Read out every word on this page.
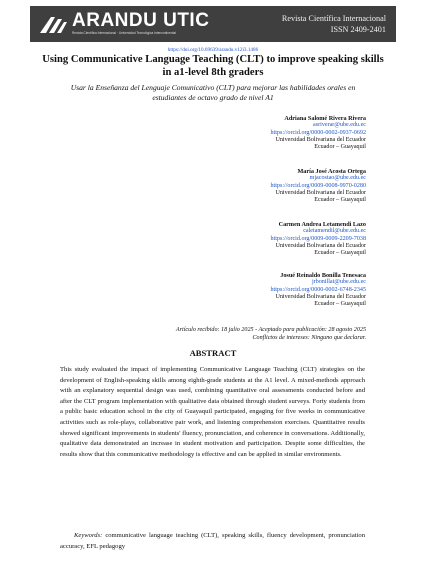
ARANDU UTIC
Revista Científica Internacional · Universidad Tecnológica Intercontinental
Revista Científica Internacional
ISSN 2409-2401
https://doi.org/10.69639/arandu.v12i3.1486
Using Communicative Language Teaching (CLT) to improve speaking skills in a1-level 8th graders
Usar la Enseñanza del Lenguaje Comunicativo (CLT) para mejorar las habilidades orales en estudiantes de octavo grado de nivel A1
Adriana Salomé Rivera Rivera
asriverar@ube.edu.ec
https://orcid.org/0000-0002-0937-0692
Universidad Bolivariana del Ecuador
Ecuador – Guayaquil
María José Acosta Ortega
mjacostao@ube.edu.ec
https://orcid.org/0009-0008-9970-0280
Universidad Bolivariana del Ecuador
Ecuador – Guayaquil
Carmen Andrea Letamendi Lazo
caletamendil@ube.edu.ec
https://orcid.org/0009-0009-2209-7038
Universidad Bolivariana del Ecuador
Ecuador – Guayaquil
Josué Reinaldo Bonilla Tenesaca
jrbonillat@ube.edu.ec
https://orcid.org/0000-0002-6748-2345
Universidad Bolivariana del Ecuador
Ecuador – Guayaquil
Artículo recibido: 18 julio 2025 - Aceptado para publicación: 28 agosto 2025
Conflictos de intereses: Ninguno que declarar.
ABSTRACT

This study evaluated the impact of implementing Communicative Language Teaching (CLT) strategies on the development of English-speaking skills among eighth-grade students at the A1 level. A mixed-methods approach with an explanatory sequential design was used, combining quantitative oral assessments conducted before and after the CLT program implementation with qualitative data obtained through student surveys. Forty students from a public basic education school in the city of Guayaquil participated, engaging for five weeks in communicative activities such as role-plays, collaborative pair work, and listening comprehension exercises. Quantitative results showed significant improvements in students' fluency, pronunciation, and coherence in conversations. Additionally, qualitative data demonstrated an increase in student motivation and participation. Despite some difficulties, the results show that this communicative methodology is effective and can be applied in similar environments.

Keywords: communicative language teaching (CLT), speaking skills, fluency development, pronunciation accuracy, EFL pedagogy
